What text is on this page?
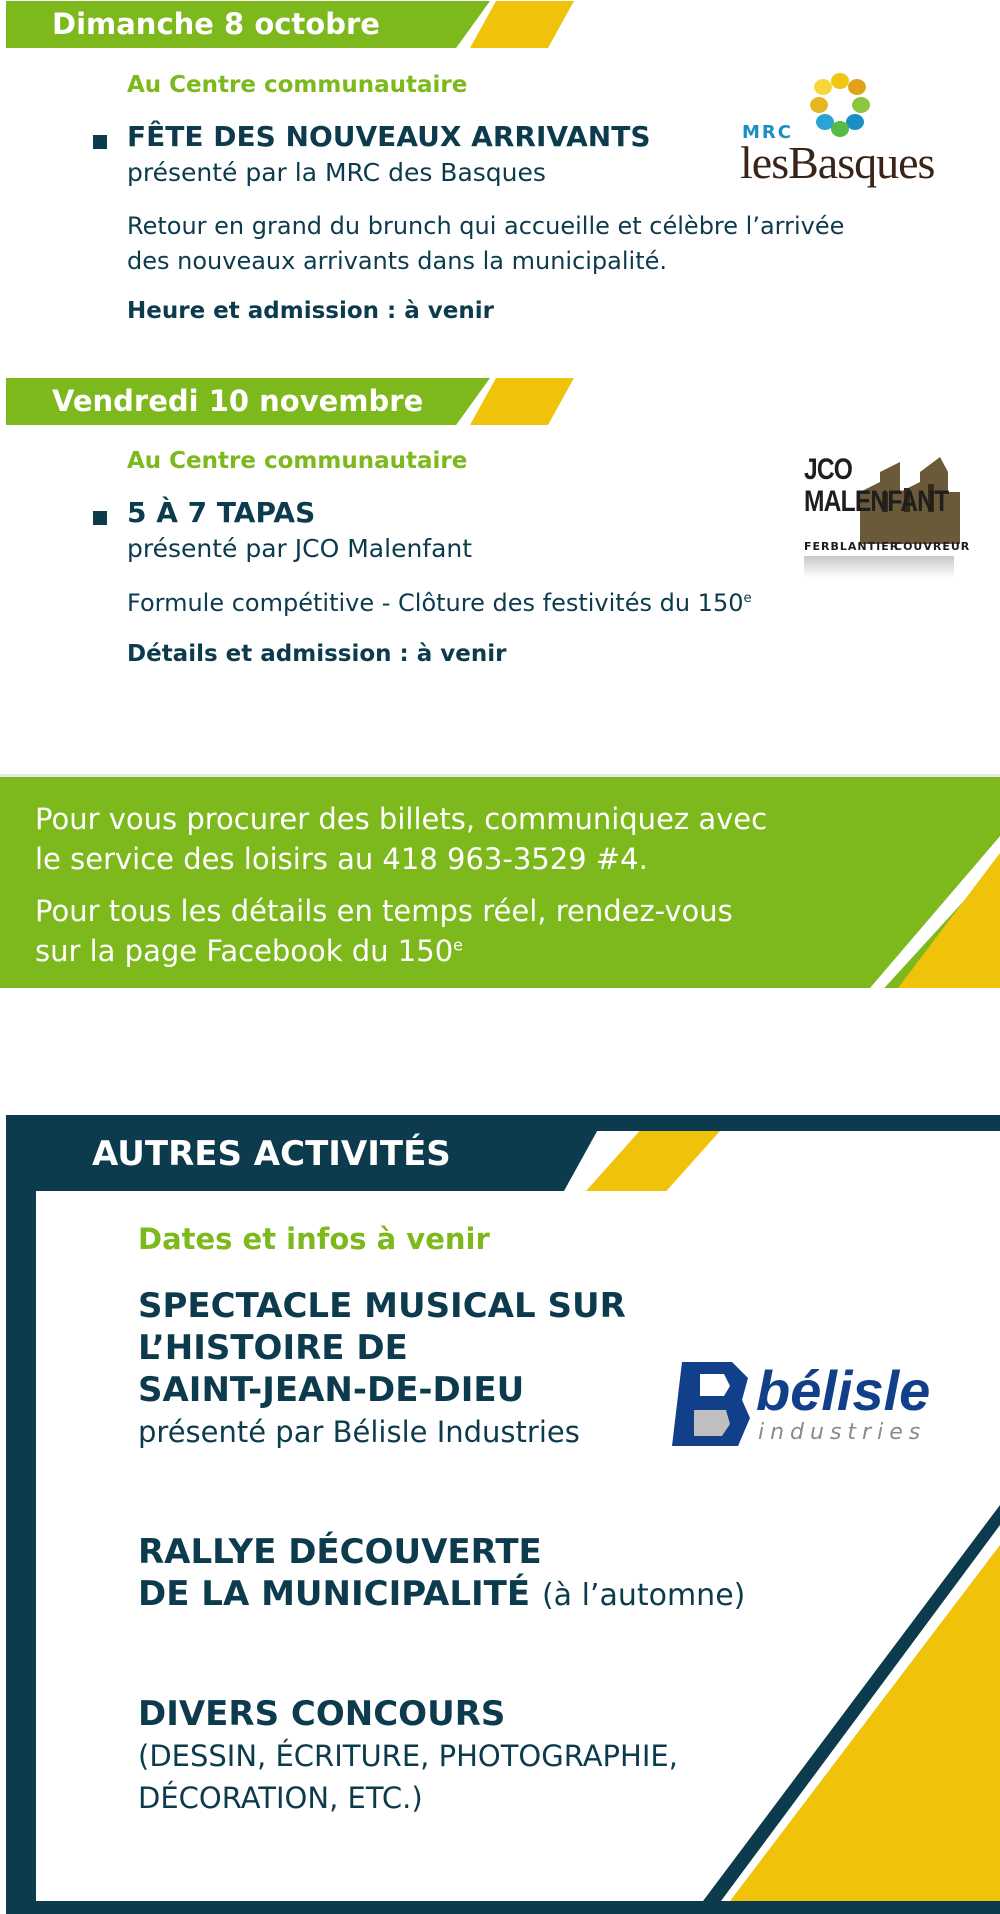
Dimanche 8 octobre
Au Centre communautaire
FÊTE DES NOUVEAUX ARRIVANTS
présenté par la MRC des Basques
Retour en grand du brunch qui accueille et célèbre l’arrivée
des nouveaux arrivants dans la municipalité.
Heure et admission : à venir
MRC
lesBasques
Vendredi 10 novembre
Au Centre communautaire
5 À 7 TAPAS
présenté par JCO Malenfant
Formule compétitive - Clôture des festivités du 150e
Détails et admission : à venir
JCO
MALENFANT
FERBLANTIER
COUVREUR
Pour vous procurer des billets, communiquez avec
le service des loisirs au 418 963-3529 #4.
Pour tous les détails en temps réel, rendez-vous
sur la page Facebook du 150e
AUTRES ACTIVITÉS
Dates et infos à venir
SPECTACLE MUSICAL SUR
L’HISTOIRE DE
SAINT-JEAN-DE-DIEU
présenté par Bélisle Industries
bélisle
industries
RALLYE DÉCOUVERTE
DE LA MUNICIPALITÉ (à l’automne)
DIVERS CONCOURS
(DESSIN, ÉCRITURE, PHOTOGRAPHIE,
DÉCORATION, ETC.)
